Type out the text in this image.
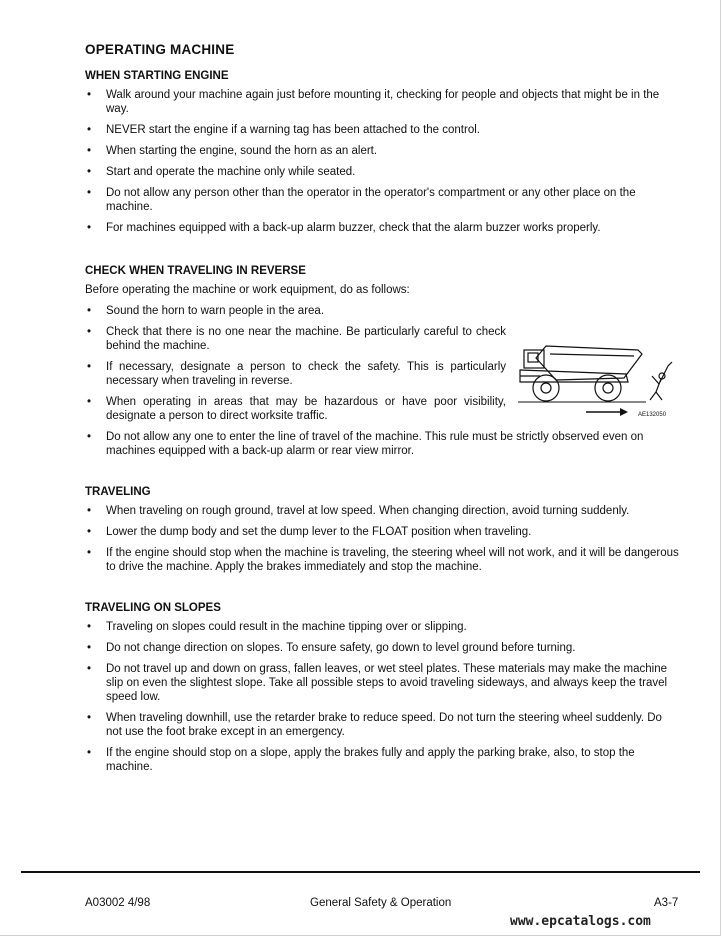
OPERATING MACHINE
WHEN STARTING ENGINE
• Walk around your machine again just before mounting it, checking for people and objects that might be in the way.
• NEVER start the engine if a warning tag has been attached to the control.
• When starting the engine, sound the horn as an alert.
• Start and operate the machine only while seated.
• Do not allow any person other than the operator in the operator's compartment or any other place on the machine.
• For machines equipped with a back-up alarm buzzer, check that the alarm buzzer works properly.
CHECK WHEN TRAVELING IN REVERSE

Before operating the machine or work equipment, do as follows:

• Sound the horn to warn people in the area.
• Check that there is no one near the machine. Be particularly careful to check behind the machine.
• If necessary, designate a person to check the safety. This is particularly necessary when traveling in reverse.
• When operating in areas that may be hazardous or have poor visibility, designate a person to direct worksite traffic.
• Do not allow any one to enter the line of travel of the machine. This rule must be strictly observed even on machines equipped with a back-up alarm or rear view mirror.
TRAVELING
• When traveling on rough ground, travel at low speed. When changing direction, avoid turning suddenly.
• Lower the dump body and set the dump lever to the FLOAT position when traveling.
• If the engine should stop when the machine is traveling, the steering wheel will not work, and it will be dangerous to drive the machine. Apply the brakes immediately and stop the machine.
TRAVELING ON SLOPES
• Traveling on slopes could result in the machine tipping over or slipping.
• Do not change direction on slopes. To ensure safety, go down to level ground before turning.
• Do not travel up and down on grass, fallen leaves, or wet steel plates. These materials may make the machine slip on even the slightest slope. Take all possible steps to avoid traveling sideways, and always keep the travel speed low.
• When traveling downhill, use the retarder brake to reduce speed. Do not turn the steering wheel suddenly. Do not use the foot brake except in an emergency.
• If the engine should stop on a slope, apply the brakes fully and apply the parking brake, also, to stop the machine.
AE132050
A03002 4/98	General Safety & Operation	A3-7
www.epcatalogs.com
